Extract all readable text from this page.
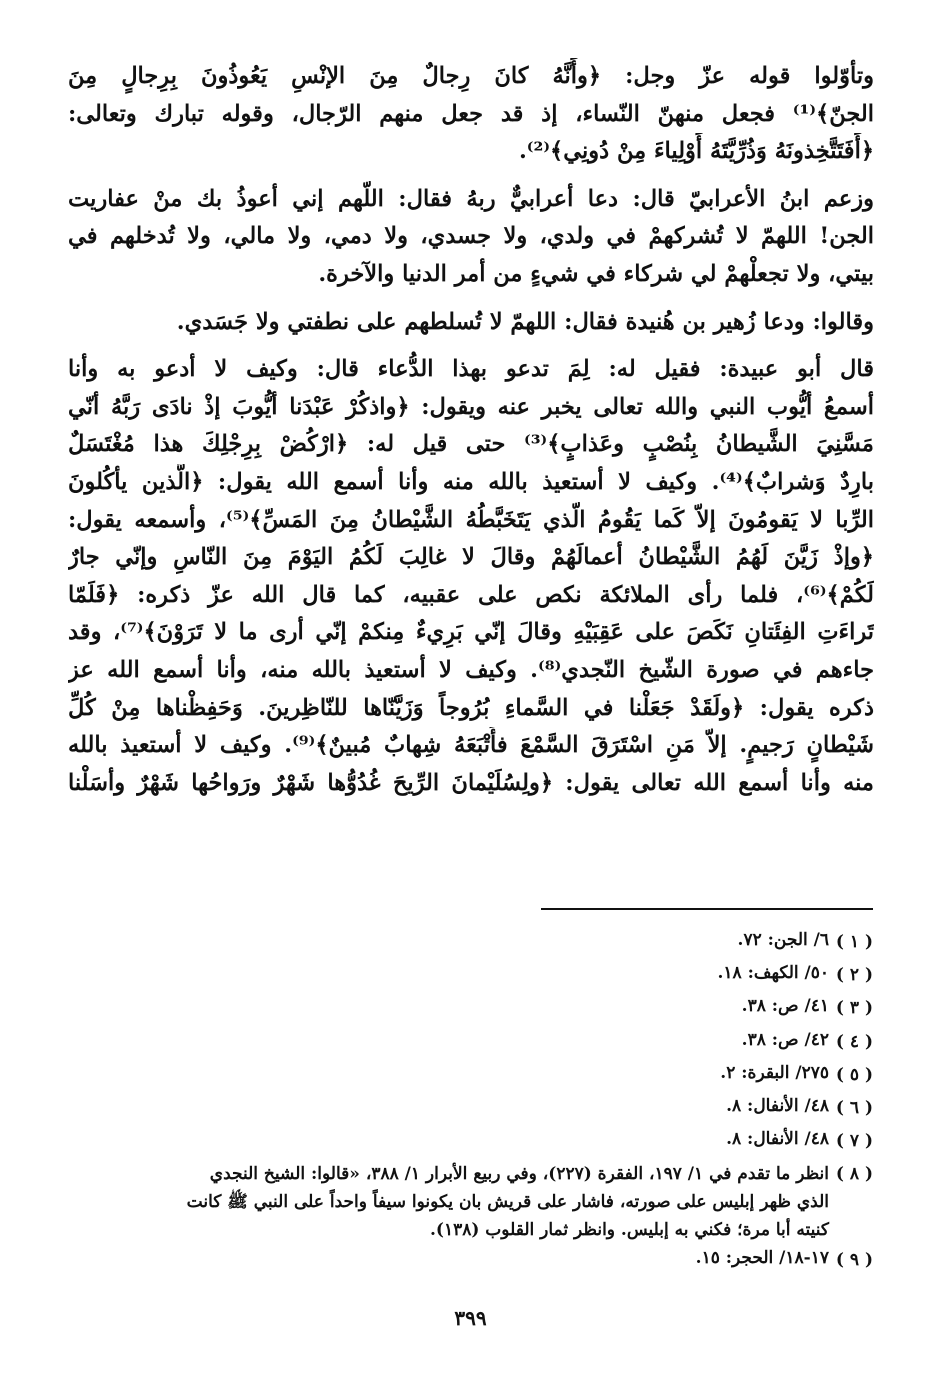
وتأوّلوا قوله عزّ وجل: ﴿وأَنَّهُ كانَ رِجالٌ مِنَ الإنْسِ يَعُوذُونَ بِرِجالٍ مِنَ
الجنّ﴾⁽¹⁾ فجعل منهنّ النّساء، إذ قد جعل منهم الرّجال، وقوله تبارك وتعالى:
﴿أَفَتَتَّخِذونَهُ وَذُرِّيَّتَهُ أَوْلِياءَ مِنْ دُونِي﴾⁽²⁾.
وزعم ابنُ الأعرابيّ قال: دعا أعرابيٌّ ربهُ فقال: اللّهم إني أعوذُ بك منْ عفاريت
الجن! اللهمّ لا تُشركهمْ في ولدي، ولا جسدي، ولا دمي، ولا مالي، ولا تُدخلهم في
بيتي، ولا تجعلْهمْ لي شركاء في شيءٍ من أمر الدنيا والآخرة.
وقالوا: ودعا زُهير بن هُنيدة فقال: اللهمّ لا تُسلطهم على نطفتي ولا جَسَدي.
قال أبو عبيدة: فقيل له: لِمَ تدعو بهذا الدُّعاء قال: وكيف لا أدعو به وأنا
أسمعُ أيُّوب النبي والله تعالى يخبر عنه ويقول: ﴿واذكُرْ عَبْدَنا أيُّوبَ إذْ نادَى رَبَّهُ أنّي
مَسَّنِيَ الشَّيطانُ بِنُصْبٍ وعَذابٍ﴾⁽³⁾ حتى قيل له: ﴿ارْكُضْ بِرِجْلِكَ هذا مُغْتَسَلٌ
بارِدٌ وَشرابٌ﴾⁽⁴⁾. وكيف لا أستعيذ بالله منه وأنا أسمع الله يقول: ﴿الَّذين يأكُلونَ
الرِّبا لا يَقومُونَ إلاّ كَما يَقُومُ الّذي يَتَخَبَّطُهُ الشَّيْطانُ مِنَ المَسِّ﴾⁽⁵⁾، وأسمعه يقول:
﴿وإذْ زَيَّنَ لَهُمُ الشَّيْطانُ أعمالَهُمْ وقالَ لا غالِبَ لَكُمُ اليَوْمَ مِنَ النّاسِ وإنّي جارٌ
لَكُمْ﴾⁽⁶⁾، فلما رأى الملائكة نكص على عقبيه، كما قال الله عزّ ذكره: ﴿فَلَمّا
تَراءَتِ الفِئَتانِ نَكَصَ على عَقِبَيْهِ وقالَ إنّي بَرِيءٌ مِنكمْ إنّي أرى ما لا تَرَوْنَ﴾⁽⁷⁾، وقد
جاءهم في صورة الشّيخ النّجدي⁽⁸⁾. وكيف لا أستعيذ بالله منه، وأنا أسمع الله عز
ذكره يقول: ﴿ولَقَدْ جَعَلْنا في السَّماءِ بُرُوجاً وَزَيَّنّاها للنّاظِرينَ. وَحَفِظْناها مِنْ كُلِّ
شَيْطانٍ رَجيمٍ. إلاّ مَنِ اسْتَرَقَ السَّمْعَ فأَتْبَعَهُ شِهابٌ مُبينٌ﴾⁽⁹⁾. وكيف لا أستعيذ بالله
منه وأنا أسمع الله تعالى يقول: ﴿ولِسُلَيْمانَ الرِّيحَ غُدُوُّها شَهْرٌ ورَواحُها شَهْرٌ وأسَلْنا
( ١ )
٦/ الجن: ٧٢.
( ٢ )
٥٠/ الكهف: ١٨.
( ٣ )
٤١/ ص: ٣٨.
( ٤ )
٤٢/ ص: ٣٨.
( ٥ )
٢٧٥/ البقرة: ٢.
( ٦ )
٤٨/ الأنفال: ٨.
( ٧ )
٤٨/ الأنفال: ٨.
( ٨ )
انظر ما تقدم في ١/ ١٩٧، الفقرة (٢٢٧)، وفي ربيع الأبرار ١/ ٣٨٨، «قالوا: الشيخ النجدي
الذي ظهر إبليس على صورته، فاشار على قريش بان يكونوا سيفاً واحداً على النبي ﷺ كانت
كنيته أبا مرة؛ فكني به إبليس. وانظر ثمار القلوب (١٣٨).
( ٩ )
١٧-١٨/ الحجر: ١٥.
٣٩٩
